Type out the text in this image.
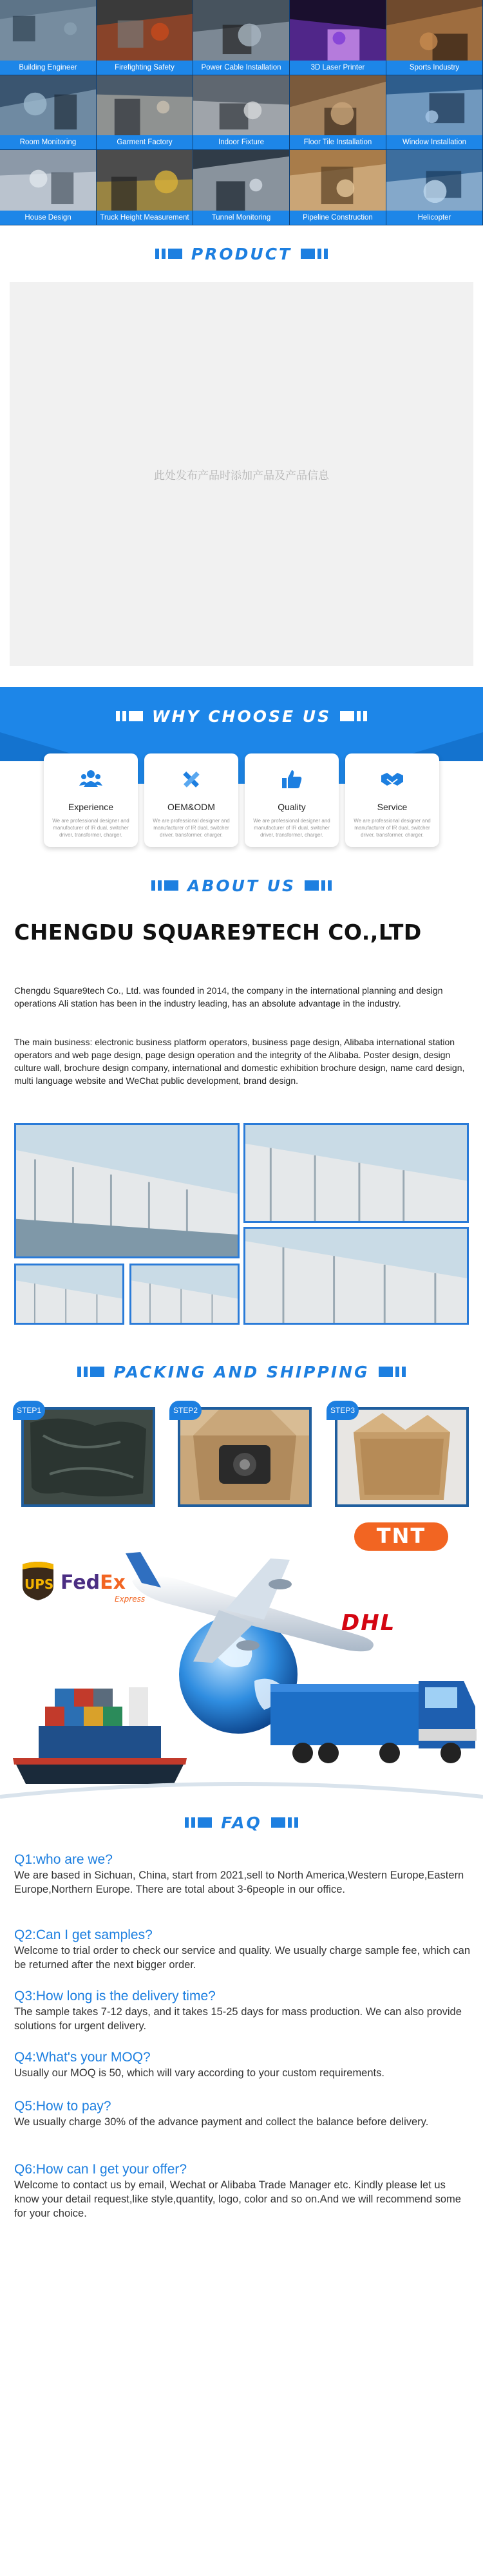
Building Engineer	Firefighting Safety	Power Cable Installation	3D Laser Printer	Sports Industry
Room Monitoring	Garment Factory	Indoor Fixture	Floor Tile Installation	Window Installation
House Design	Truck Height Measurement	Tunnel Monitoring	Pipeline Construction	Helicopter
PRODUCT
此处发布产品时添加产品及产品信息
WHY CHOOSE US
Experience
We are professional designer and manufacturer of IR dual, switcher driver, transformer, charger.
OEM&ODM
We are professional designer and manufacturer of IR dual, switcher driver, transformer, charger.
Quality
We are professional designer and manufacturer of IR dual, switcher driver, transformer, charger.
Service
We are professional designer and manufacturer of IR dual, switcher driver, transformer, charger.
ABOUT US
CHENGDU SQUARE9TECH CO.,LTD

Chengdu Square9tech Co., Ltd. was founded in 2014, the company in the international planning and design operations Ali station has been in the industry leading, has an absolute advantage in the industry.

The main business: electronic business platform operators, business page design, Alibaba international station operators and web page design, page design operation and the integrity of the Alibaba. Poster design, design culture wall, brochure design company, international and domestic exhibition brochure design, name card design, multi language website and WeChat public development, brand design.

PACKING AND SHIPPING
STEP1	STEP2	STEP3
UPS FedEx
Express
TNT
DHL
FAQ
Q1:who are we?
We are based in Sichuan, China, start from 2021,sell to North America,Western Europe,Eastern Europe,Northern Europe. There are total about 3-6people in our office.
Q2:Can I get samples?
Welcome to trial order to check our service and quality. We usually charge sample fee, which can be returned after the next bigger order.
Q3:How long is the delivery time?
The sample takes 7-12 days, and it takes 15-25 days for mass production. We can also provide solutions for urgent delivery.
Q4:What's your MOQ?
Usually our MOQ is 50, which will vary according to your custom requirements.
Q5:How to pay?
We usually charge 30% of the advance payment and collect the balance before delivery.
Q6:How can I get your offer?
Welcome to contact us by email, Wechat or Alibaba Trade Manager etc. Kindly please let us know your detail request,like style,quantity, logo, color and so on.And we will recommend some for your choice.
